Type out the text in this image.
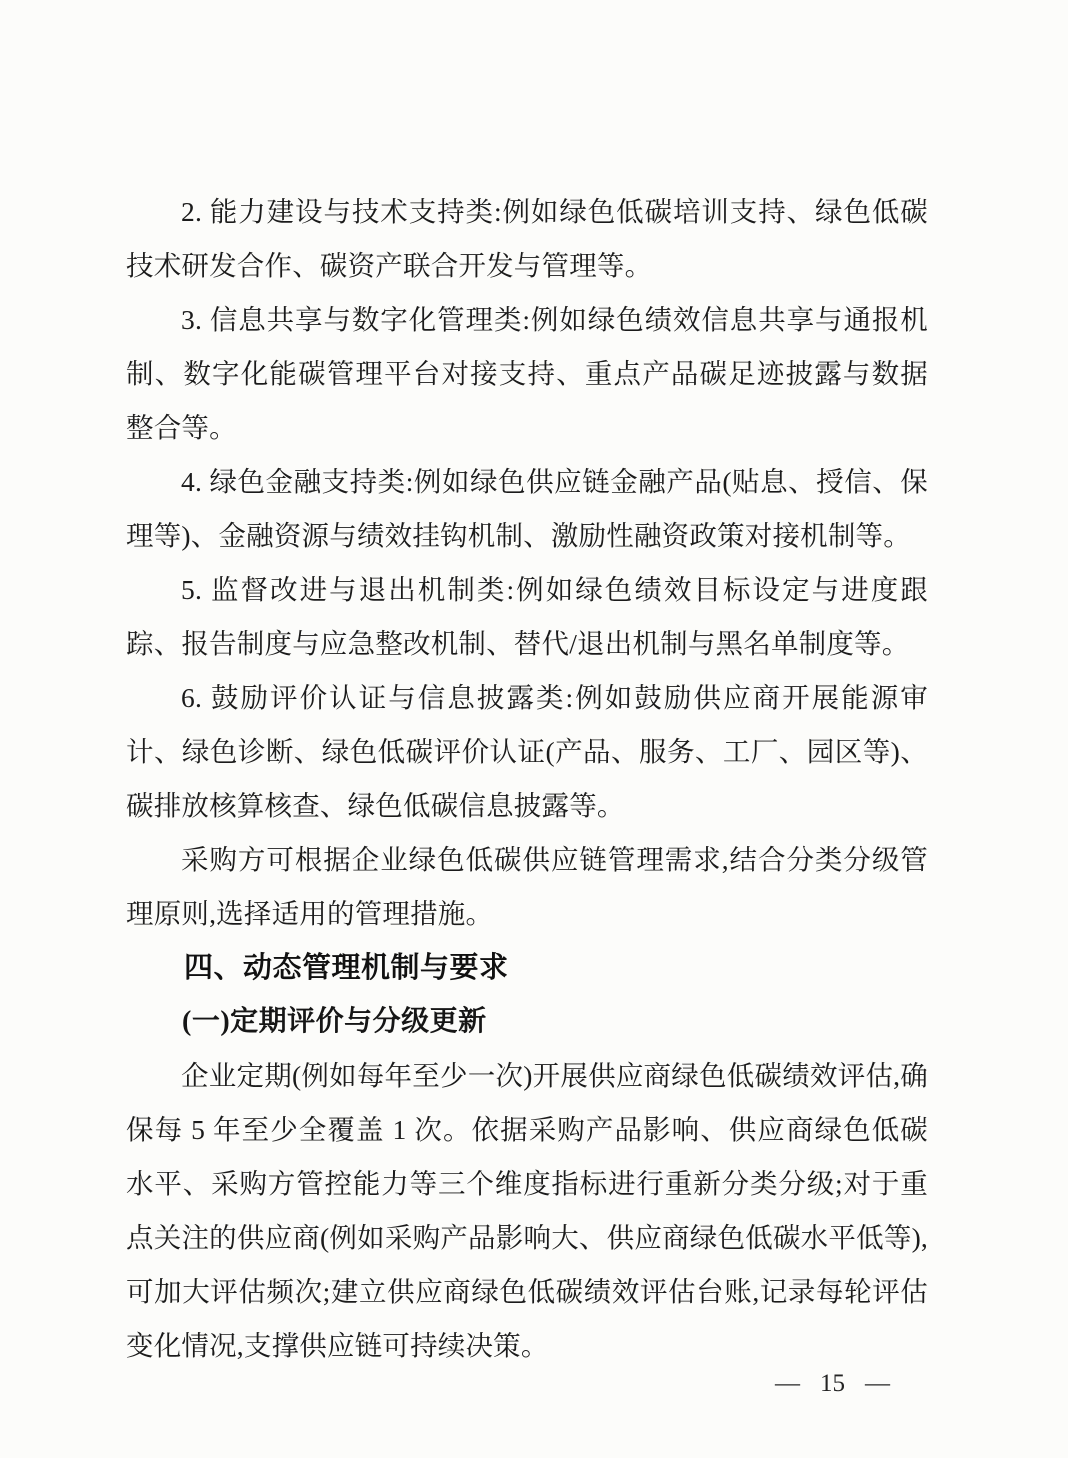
2. 能力建设与技术支持类:例如绿色低碳培训支持、绿色低碳技术研发合作、碳资产联合开发与管理等。

3. 信息共享与数字化管理类:例如绿色绩效信息共享与通报机制、数字化能碳管理平台对接支持、重点产品碳足迹披露与数据整合等。

4. 绿色金融支持类:例如绿色供应链金融产品(贴息、授信、保理等)、金融资源与绩效挂钩机制、激励性融资政策对接机制等。

5. 监督改进与退出机制类:例如绿色绩效目标设定与进度跟踪、报告制度与应急整改机制、替代/退出机制与黑名单制度等。

6. 鼓励评价认证与信息披露类:例如鼓励供应商开展能源审计、绿色诊断、绿色低碳评价认证(产品、服务、工厂、园区等)、碳排放核算核查、绿色低碳信息披露等。

采购方可根据企业绿色低碳供应链管理需求,结合分类分级管理原则,选择适用的管理措施。

四、动态管理机制与要求
(一)定期评价与分级更新

企业定期(例如每年至少一次)开展供应商绿色低碳绩效评估,确保每 5 年至少全覆盖 1 次。依据采购产品影响、供应商绿色低碳水平、采购方管控能力等三个维度指标进行重新分类分级;对于重点关注的供应商(例如采购产品影响大、供应商绿色低碳水平低等),可加大评估频次;建立供应商绿色低碳绩效评估台账,记录每轮评估变化情况,支撑供应链可持续决策。

— 15 —
